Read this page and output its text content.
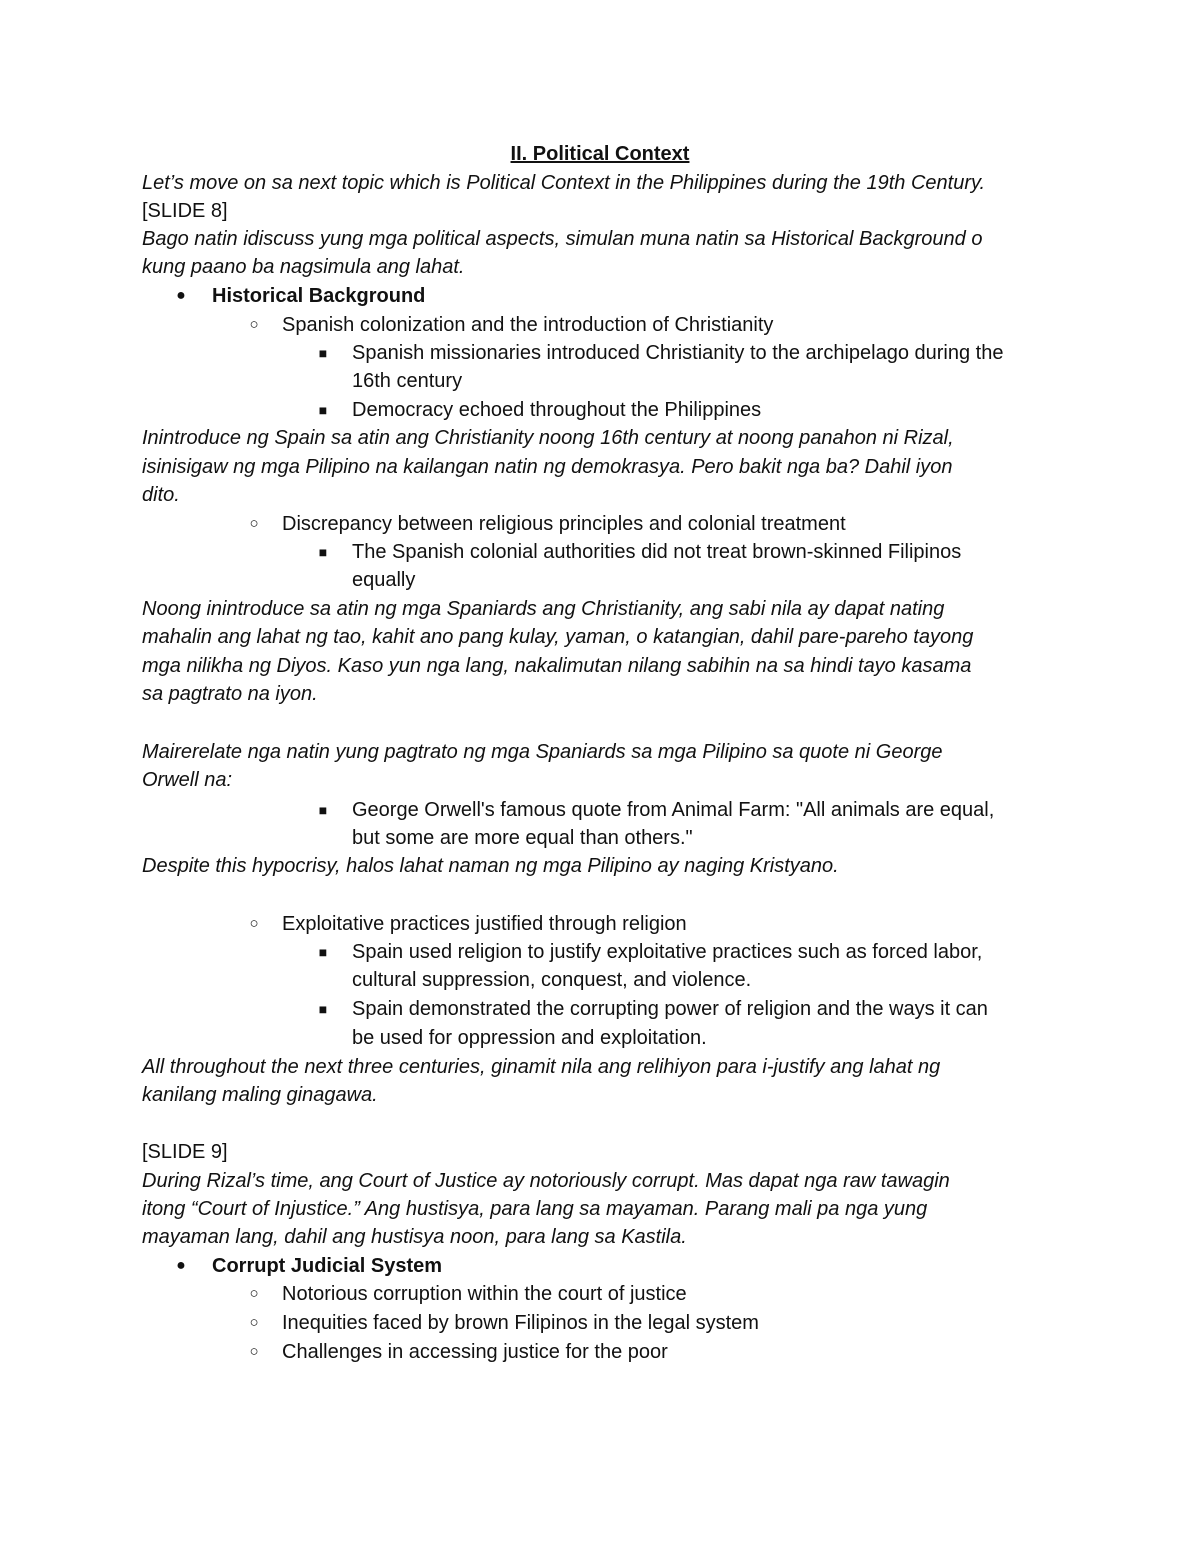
II. Political Context
Let’s move on sa next topic which is Political Context in the Philippines during the 19th Century.
[SLIDE 8]
Bago natin idiscuss yung mga political aspects, simulan muna natin sa Historical Background o
kung paano ba nagsimula ang lahat.
● Historical Background
○ Spanish colonization and the introduction of Christianity
■ Spanish missionaries introduced Christianity to the archipelago during the
16th century
■ Democracy echoed throughout the Philippines
Inintroduce ng Spain sa atin ang Christianity noong 16th century at noong panahon ni Rizal,
isinisigaw ng mga Pilipino na kailangan natin ng demokrasya. Pero bakit nga ba? Dahil iyon
dito.
○ Discrepancy between religious principles and colonial treatment
■ The Spanish colonial authorities did not treat brown-skinned Filipinos
equally
Noong inintroduce sa atin ng mga Spaniards ang Christianity, ang sabi nila ay dapat nating
mahalin ang lahat ng tao, kahit ano pang kulay, yaman, o katangian, dahil pare-pareho tayong
mga nilikha ng Diyos. Kaso yun nga lang, nakalimutan nilang sabihin na sa hindi tayo kasama
sa pagtrato na iyon.
Mairerelate nga natin yung pagtrato ng mga Spaniards sa mga Pilipino sa quote ni George
Orwell na:
■ George Orwell's famous quote from Animal Farm: "All animals are equal,
but some are more equal than others."
Despite this hypocrisy, halos lahat naman ng mga Pilipino ay naging Kristyano.
○ Exploitative practices justified through religion
■ Spain used religion to justify exploitative practices such as forced labor,
cultural suppression, conquest, and violence.
■ Spain demonstrated the corrupting power of religion and the ways it can
be used for oppression and exploitation.
All throughout the next three centuries, ginamit nila ang relihiyon para i-justify ang lahat ng
kanilang maling ginagawa.
[SLIDE 9]
During Rizal’s time, ang Court of Justice ay notoriously corrupt. Mas dapat nga raw tawagin
itong “Court of Injustice.” Ang hustisya, para lang sa mayaman. Parang mali pa nga yung
mayaman lang, dahil ang hustisya noon, para lang sa Kastila.
● Corrupt Judicial System
○ Notorious corruption within the court of justice
○ Inequities faced by brown Filipinos in the legal system
○ Challenges in accessing justice for the poor
